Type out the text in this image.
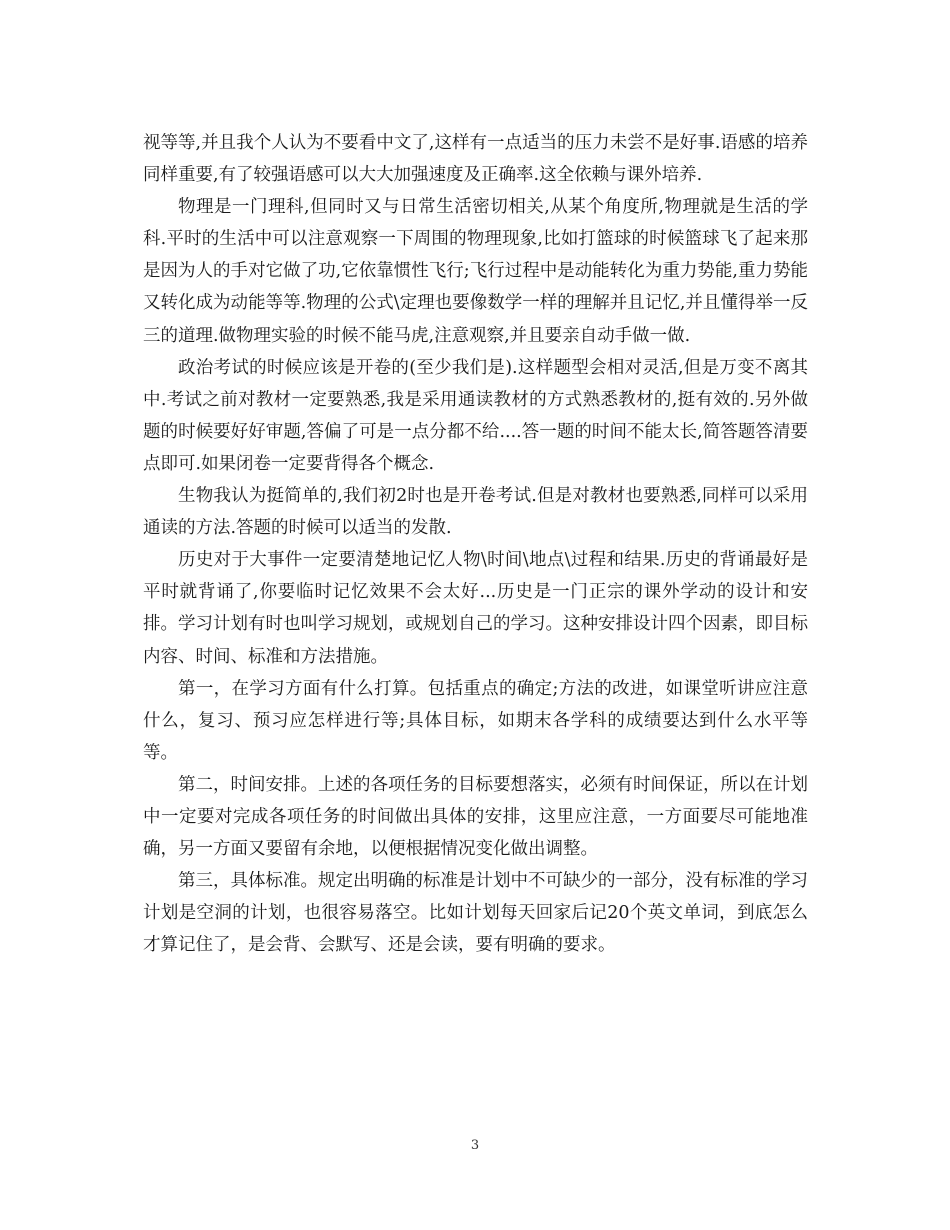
视等等,并且我个人认为不要看中文了,这样有一点适当的压力未尝不是好事.语感的培养同样重要,有了较强语感可以大大加强速度及正确率.这全依赖与课外培养.

物理是一门理科,但同时又与日常生活密切相关,从某个角度所,物理就是生活的学科.平时的生活中可以注意观察一下周围的物理现象,比如打篮球的时候篮球飞了起来那是因为人的手对它做了功,它依靠惯性飞行;飞行过程中是动能转化为重力势能,重力势能又转化成为动能等等.物理的公式\定理也要像数学一样的理解并且记忆,并且懂得举一反三的道理.做物理实验的时候不能马虎,注意观察,并且要亲自动手做一做.

政治考试的时候应该是开卷的(至少我们是).这样题型会相对灵活,但是万变不离其中.考试之前对教材一定要熟悉,我是采用通读教材的方式熟悉教材的,挺有效的.另外做题的时候要好好审题,答偏了可是一点分都不给....答一题的时间不能太长,简答题答清要点即可.如果闭卷一定要背得各个概念.

生物我认为挺简单的,我们初2时也是开卷考试.但是对教材也要熟悉,同样可以采用通读的方法.答题的时候可以适当的发散.

历史对于大事件一定要清楚地记忆人物\时间\地点\过程和结果.历史的背诵最好是平时就背诵了,你要临时记忆效果不会太好...历史是一门正宗的课外学动的设计和安排。学习计划有时也叫学习规划，或规划自己的学习。这种安排设计四个因素，即目标内容、时间、标准和方法措施。

第一，在学习方面有什么打算。包括重点的确定;方法的改进，如课堂听讲应注意什么，复习、预习应怎样进行等;具体目标，如期末各学科的成绩要达到什么水平等等。

第二，时间安排。上述的各项任务的目标要想落实，必须有时间保证，所以在计划中一定要对完成各项任务的时间做出具体的安排，这里应注意，一方面要尽可能地准确，另一方面又要留有余地，以便根据情况变化做出调整。

第三，具体标准。规定出明确的标准是计划中不可缺少的一部分，没有标准的学习计划是空洞的计划，也很容易落空。比如计划每天回家后记20个英文单词，到底怎么才算记住了，是会背、会默写、还是会读，要有明确的要求。

3
